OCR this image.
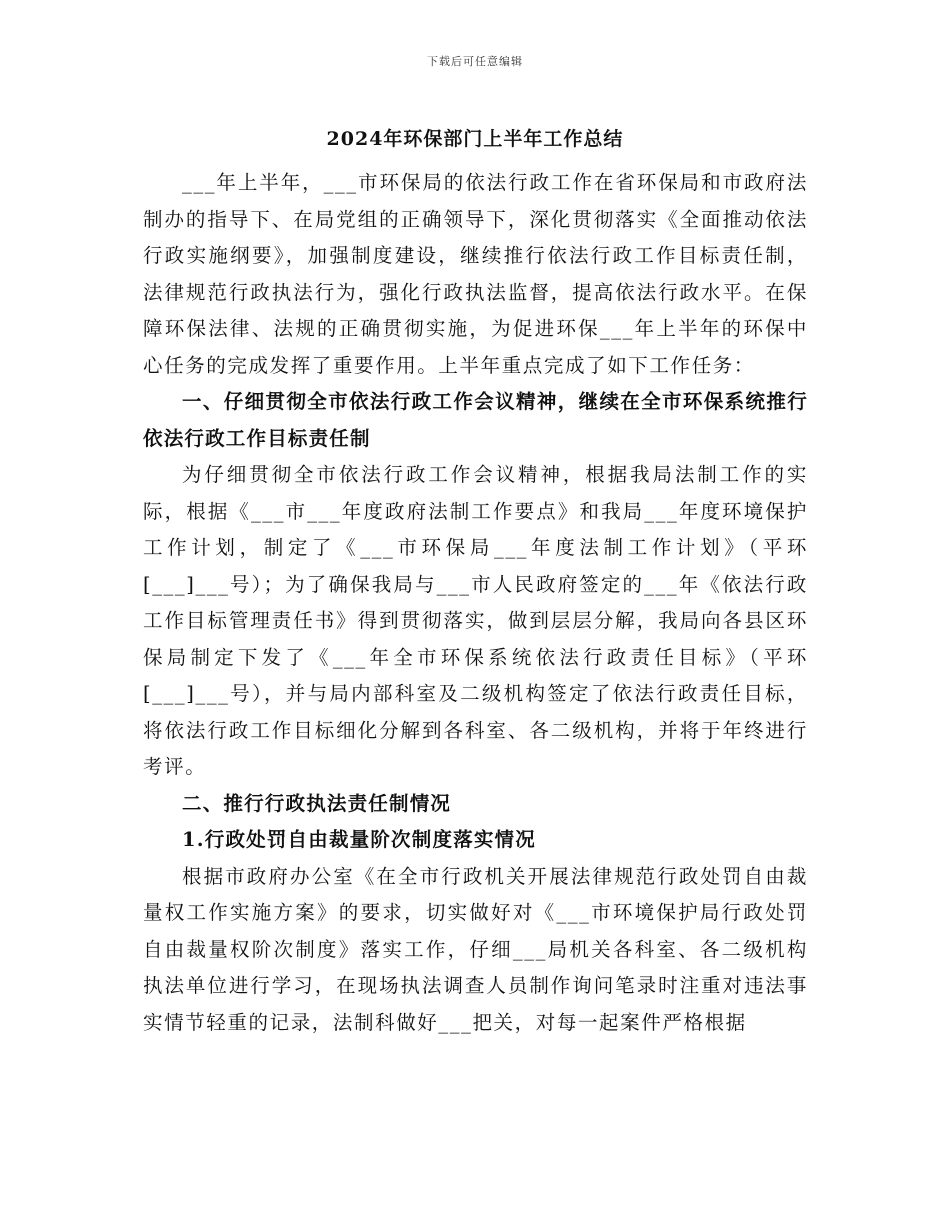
下载后可任意编辑
2024年环保部门上半年工作总结

___年上半年，___市环保局的依法行政工作在省环保局和市政府法制办的指导下、在局党组的正确领导下，深化贯彻落实《全面推动依法行政实施纲要》，加强制度建设，继续推行依法行政工作目标责任制，法律规范行政执法行为，强化行政执法监督，提高依法行政水平。在保障环保法律、法规的正确贯彻实施，为促进环保___年上半年的环保中心任务的完成发挥了重要作用。上半年重点完成了如下工作任务：

一、仔细贯彻全市依法行政工作会议精神，继续在全市环保系统推行依法行政工作目标责任制

为仔细贯彻全市依法行政工作会议精神，根据我局法制工作的实际，根据《___市___年度政府法制工作要点》和我局___年度环境保护工作计划，制定了《___市环保局___年度法制工作计划》（平环[___]___号）；为了确保我局与___市人民政府签定的___年《依法行政工作目标管理责任书》得到贯彻落实，做到层层分解，我局向各县区环保局制定下发了《___年全市环保系统依法行政责任目标》（平环[___]___号），并与局内部科室及二级机构签定了依法行政责任目标，将依法行政工作目标细化分解到各科室、各二级机构，并将于年终进行考评。

二、推行行政执法责任制情况

1.行政处罚自由裁量阶次制度落实情况

根据市政府办公室《在全市行政机关开展法律规范行政处罚自由裁量权工作实施方案》的要求，切实做好对《___市环境保护局行政处罚自由裁量权阶次制度》落实工作，仔细___局机关各科室、各二级机构执法单位进行学习，在现场执法调查人员制作询问笔录时注重对违法事实情节轻重的记录，法制科做好___把关，对每一起案件严格根据
